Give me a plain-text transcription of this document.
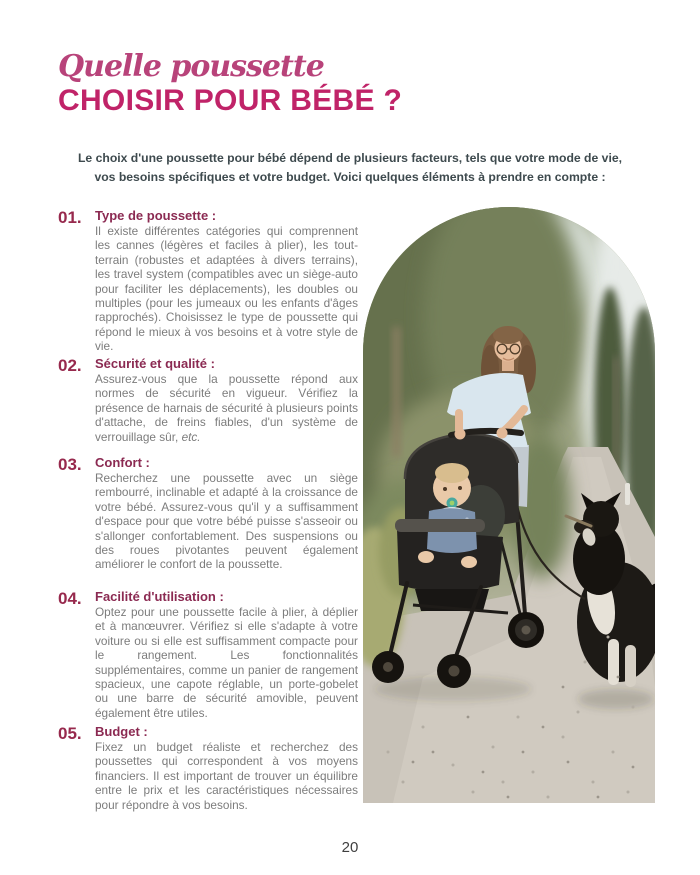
Quelle poussette
CHOISIR POUR BÉBÉ ?
Le choix d'une poussette pour bébé dépend de plusieurs facteurs, tels que votre mode de vie,
vos besoins spécifiques et votre budget. Voici quelques éléments à prendre en compte :
01. Type de poussette :
Il existe différentes catégories qui comprennent les cannes (légères et faciles à plier), les tout-terrain (robustes et adaptées à divers terrains), les travel system (compatibles avec un siège-auto pour faciliter les déplacements), les doubles ou multiples (pour les jumeaux ou les enfants d'âges rapprochés). Choisissez le type de poussette qui répond le mieux à vos besoins et à votre style de vie.
02. Sécurité et qualité :
Assurez-vous que la poussette répond aux normes de sécurité en vigueur. Vérifiez la présence de harnais de sécurité à plusieurs points d'attache, de freins fiables, d'un système de verrouillage sûr, etc.
03. Confort :
Recherchez une poussette avec un siège rembourré, inclinable et adapté à la croissance de votre bébé. Assurez-vous qu'il y a suffisamment d'espace pour que votre bébé puisse s'asseoir ou s'allonger confortablement. Des suspensions ou des roues pivotantes peuvent également améliorer le confort de la poussette.
04. Facilité d'utilisation :
Optez pour une poussette facile à plier, à déplier et à manœuvrer. Vérifiez si elle s'adapte à votre voiture ou si elle est suffisamment compacte pour le rangement. Les fonctionnalités supplémentaires, comme un panier de rangement spacieux, une capote réglable, un porte-gobelet ou une barre de sécurité amovible, peuvent également être utiles.
05. Budget :
Fixez un budget réaliste et recherchez des poussettes qui correspondent à vos moyens financiers. Il est important de trouver un équilibre entre le prix et les caractéristiques nécessaires pour répondre à vos besoins.
20
